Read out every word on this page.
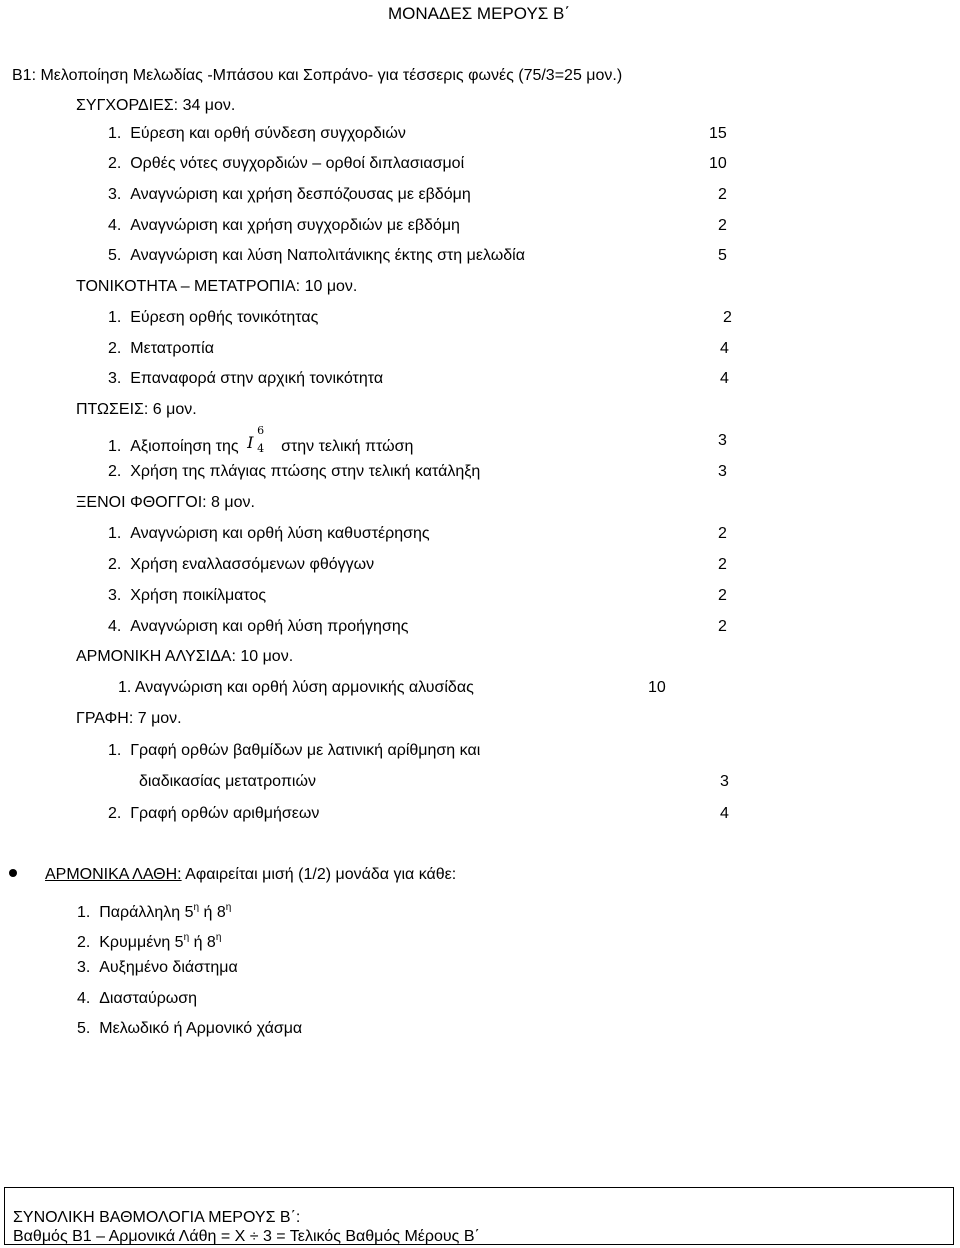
ΜΟΝΑΔΕΣ ΜΕΡΟΥΣ Β΄
Β1: Μελοποίηση Μελωδίας -Μπάσου και Σοπράνο- για τέσσερις φωνές (75/3=25 μον.)
ΣΥΓΧΟΡΔΙΕΣ: 34 μον.
1. Εύρεση και ορθή σύνδεση συγχορδιών	15
2. Ορθές νότες συγχορδιών – ορθοί διπλασιασμοί	10
3. Αναγνώριση και χρήση δεσπόζουσας με εβδόμη	2
4. Αναγνώριση και χρήση συγχορδιών με εβδόμη	2
5. Αναγνώριση και λύση Ναπολιτάνικης έκτης στη μελωδία	5
ΤΟΝΙΚΟΤΗΤΑ – ΜΕΤΑΤΡΟΠΙΑ: 10 μον.
1. Εύρεση ορθής τονικότητας	2
2. Μετατροπία	4
3. Επαναφορά στην αρχική τονικότητα	4
ΠΤΩΣΕΙΣ: 6 μον.
1. Αξιοποίηση της I
6
4 στην τελική πτώση	3
2. Χρήση της πλάγιας πτώσης στην τελική κατάληξη	3
ΞΕΝΟΙ ΦΘΟΓΓΟΙ: 8 μον.
1. Αναγνώριση και ορθή λύση καθυστέρησης	2
2. Χρήση εναλλασσόμενων φθόγγων	2
3. Χρήση ποικίλματος	2
4. Αναγνώριση και ορθή λύση προήγησης	2
ΑΡΜΟΝΙΚΗ ΑΛΥΣΙΔΑ: 10 μον.
1. Αναγνώριση και ορθή λύση αρμονικής αλυσίδας	10
ΓΡΑΦΗ: 7 μον.
1. Γραφή ορθών βαθμίδων με λατινική αρίθμηση και
διαδικασίας μετατροπιών	3
2. Γραφή ορθών αριθμήσεων	4
ΑΡΜΟΝΙΚΑ ΛΑΘΗ: Αφαιρείται μισή (1/2) μονάδα για κάθε:
1. Παράλληλη $5^\eta$ ή $8^\eta$
2. Κρυμμένη $5^\eta$ ή $8^\eta$
3. Αυξημένο διάστημα
4. Διασταύρωση
5. Μελωδικό ή Αρμονικό χάσμα
ΣΥΝΟΛΙΚΗ ΒΑΘΜΟΛΟΓΙΑ ΜΕΡΟΥΣ Β΄:
Βαθμός Β1 – Αρμονικά Λάθη = Χ ÷ 3 = Τελικός Βαθμός Μέρους Β΄
